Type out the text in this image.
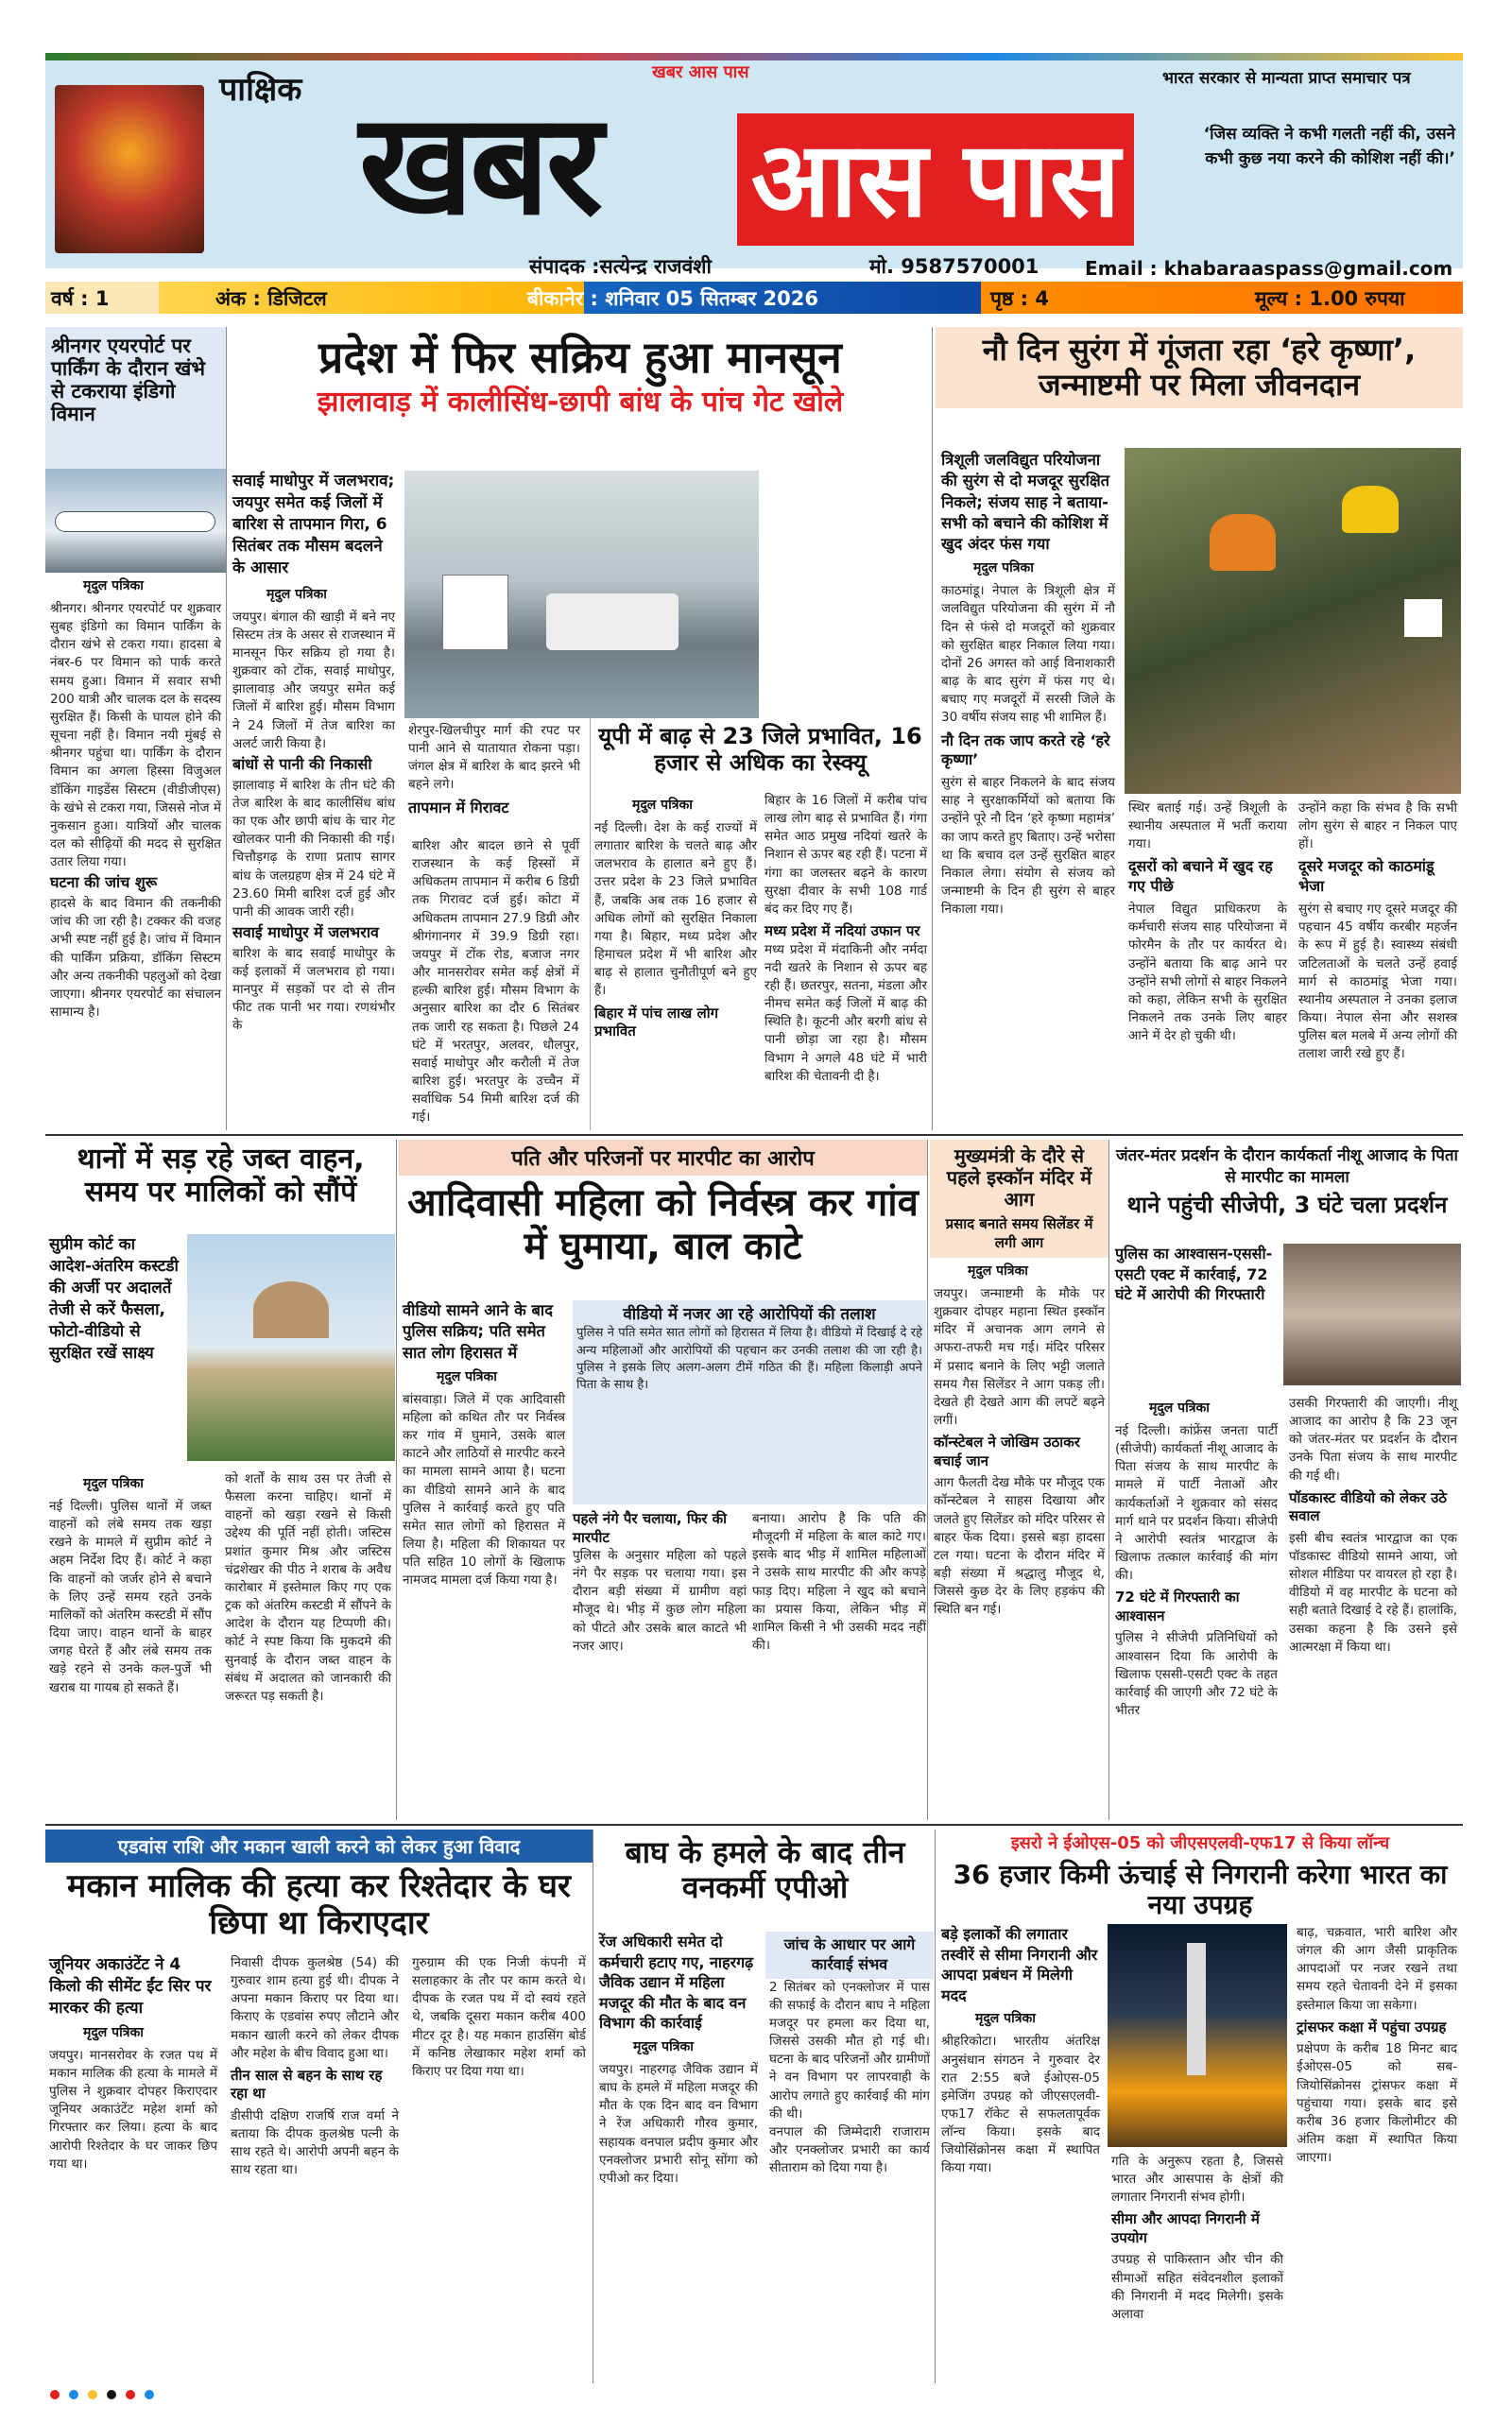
पाक्षिक	खबर आस पास
खबर आस पास
भारत सरकार से मान्यता प्राप्त समाचार पत्र
‘जिस व्यक्ति ने कभी गलती नहीं की, उसने कभी कुछ नया करने की कोशिश नहीं की।’
संपादक :सत्येन्द्र राजवंशी	मो. 9587570001 Email : khabaraaspass@gmail.com
वर्ष : 1	अंक : डिजिटल	बीकानेर : शनिवार 05 सितम्बर 2026	पृष्ठ : 4	मूल्य : 1.00 रुपया
श्रीनगर एयरपोर्ट पर पार्किंग के दौरान खंभे से टकराया इंडिगो विमान
मृदुल पत्रिका
श्रीनगर। श्रीनगर एयरपोर्ट पर शुक्रवार सुबह इंडिगो का विमान पार्किंग के दौरान खंभे से टकरा गया। हादसा बे नंबर-6 पर विमान को पार्क करते समय हुआ। विमान में सवार सभी 200 यात्री और चालक दल के सदस्य सुरक्षित हैं। किसी के घायल होने की सूचना नहीं है। विमान नयी मुंबई से श्रीनगर पहुंचा था। पार्किंग के दौरान विमान का अगला हिस्सा विजुअल डॉकिंग गाइडेंस सिस्टम (वीडीजीएस) के खंभे से टकरा गया, जिससे नोज में नुकसान हुआ। यात्रियों और चालक दल को सीढ़ियों की मदद से सुरक्षित उतार लिया गया।
घटना की जांच शुरू
हादसे के बाद विमान की तकनीकी जांच की जा रही है। टक्कर की वजह अभी स्पष्ट नहीं हुई है। जांच में विमान की पार्किंग प्रक्रिया, डॉकिंग सिस्टम और अन्य तकनीकी पहलुओं को देखा जाएगा। श्रीनगर एयरपोर्ट का संचालन सामान्य है।
प्रदेश में फिर सक्रिय हुआ मानसून
झालावाड़ में कालीसिंध-छापी बांध के पांच गेट खोले
सवाई माधोपुर में जलभराव; जयपुर समेत कई जिलों में बारिश से तापमान गिरा, 6 सितंबर तक मौसम बदलने के आसार
मृदुल पत्रिका
जयपुर। बंगाल की खाड़ी में बने नए सिस्टम तंत्र के असर से राजस्थान में मानसून फिर सक्रिय हो गया है। शुक्रवार को टोंक, सवाई माधोपुर, झालावाड़ और जयपुर समेत कई जिलों में बारिश हुई। मौसम विभाग ने 24 जिलों में तेज बारिश का अलर्ट जारी किया है।
बांधों से पानी की निकासी
झालावाड़ में बारिश के तीन घंटे की तेज बारिश के बाद कालीसिंध बांध का एक और छापी बांध के चार गेट खोलकर पानी की निकासी की गई। चित्तौड़गढ़ के राणा प्रताप सागर बांध के जलग्रहण क्षेत्र में 24 घंटे में 23.60 मिमी बारिश दर्ज हुई और पानी की आवक जारी रही।
सवाई माधोपुर में जलभराव
बारिश के बाद सवाई माधोपुर के कई इलाकों में जलभराव हो गया। मानपुर में सड़कों पर दो से तीन फीट तक पानी भर गया। रणथंभौर के
शेरपुर-खिलचीपुर मार्ग की रपट पर पानी आने से यातायात रोकना पड़ा। जंगल क्षेत्र में बारिश के बाद झरने भी बहने लगे।
तापमान में गिरावट
बारिश और बादल छाने से पूर्वी राजस्थान के कई हिस्सों में अधिकतम तापमान में करीब 6 डिग्री तक गिरावट दर्ज हुई। कोटा में अधिकतम तापमान 27.9 डिग्री और श्रीगंगानगर में 39.9 डिग्री रहा। जयपुर में टोंक रोड, बजाज नगर और मानसरोवर समेत कई क्षेत्रों में हल्की बारिश हुई। मौसम विभाग के अनुसार बारिश का दौर 6 सितंबर तक जारी रह सकता है। पिछले 24 घंटे में भरतपुर, अलवर, धौलपुर, सवाई माधोपुर और करौली में तेज बारिश हुई। भरतपुर के उच्चैन में सर्वाधिक 54 मिमी बारिश दर्ज की गई।
यूपी में बाढ़ से 23 जिले प्रभावित, 16 हजार से अधिक का रेस्क्यू
मृदुल पत्रिका
नई दिल्ली। देश के कई राज्यों में लगातार बारिश के चलते बाढ़ और जलभराव के हालात बने हुए हैं। उत्तर प्रदेश के 23 जिले प्रभावित हैं, जबकि अब तक 16 हजार से अधिक लोगों को सुरक्षित निकाला गया है। बिहार, मध्य प्रदेश और हिमाचल प्रदेश में भी बारिश और बाढ़ से हालात चुनौतीपूर्ण बने हुए हैं।
बिहार में पांच लाख लोग प्रभावित
बिहार के 16 जिलों में करीब पांच लाख लोग बाढ़ से प्रभावित हैं। गंगा समेत आठ प्रमुख नदियां खतरे के निशान से ऊपर बह रही हैं। पटना में गंगा का जलस्तर बढ़ने के कारण सुरक्षा दीवार के सभी 108 गार्ड बंद कर दिए गए हैं।
मध्य प्रदेश में नदियां उफान पर
मध्य प्रदेश में मंदाकिनी और नर्मदा नदी खतरे के निशान से ऊपर बह रही हैं। छतरपुर, सतना, मंडला और नीमच समेत कई जिलों में बाढ़ की स्थिति है। कूटनी और बरगी बांध से पानी छोड़ा जा रहा है। मौसम विभाग ने अगले 48 घंटे में भारी बारिश की चेतावनी दी है।
नौ दिन सुरंग में गूंजता रहा ‘हरे कृष्णा’, जन्माष्टमी पर मिला जीवनदान
त्रिशूली जलविद्युत परियोजना की सुरंग से दो मजदूर सुरक्षित निकले; संजय साह ने बताया- सभी को बचाने की कोशिश में खुद अंदर फंस गया
मृदुल पत्रिका
काठमांडू। नेपाल के त्रिशूली क्षेत्र में जलविद्युत परियोजना की सुरंग में नौ दिन से फंसे दो मजदूरों को शुक्रवार को सुरक्षित बाहर निकाल लिया गया। दोनों 26 अगस्त को आई विनाशकारी बाढ़ के बाद सुरंग में फंस गए थे। बचाए गए मजदूरों में सरसी जिले के 30 वर्षीय संजय साह भी शामिल हैं।
नौ दिन तक जाप करते रहे ‘हरे कृष्णा’
सुरंग से बाहर निकलने के बाद संजय साह ने सुरक्षाकर्मियों को बताया कि उन्होंने पूरे नौ दिन ‘हरे कृष्णा महामंत्र’ का जाप करते हुए बिताए। उन्हें भरोसा था कि बचाव दल उन्हें सुरक्षित बाहर निकाल लेगा। संयोग से संजय को जन्माष्टमी के दिन ही सुरंग से बाहर निकाला गया।
स्थिर बताई गई। उन्हें त्रिशूली के स्थानीय अस्पताल में भर्ती कराया गया।
दूसरों को बचाने में खुद रह गए पीछे
नेपाल विद्युत प्राधिकरण के कर्मचारी संजय साह परियोजना में फोरमैन के तौर पर कार्यरत थे। उन्होंने बताया कि बाढ़ आने पर उन्होंने सभी लोगों से बाहर निकलने को कहा, लेकिन सभी के सुरक्षित निकलने तक उनके लिए बाहर आने में देर हो चुकी थी।
उन्होंने कहा कि संभव है कि सभी लोग सुरंग से बाहर न निकल पाए हों।
दूसरे मजदूर को काठमांडू भेजा
सुरंग से बचाए गए दूसरे मजदूर की पहचान 45 वर्षीय करबीर महर्जन के रूप में हुई है। स्वास्थ्य संबंधी जटिलताओं के चलते उन्हें हवाई मार्ग से काठमांडू भेजा गया। स्थानीय अस्पताल ने उनका इलाज किया। नेपाल सेना और सशस्त्र पुलिस बल मलबे में अन्य लोगों की तलाश जारी रखे हुए हैं।
थानों में सड़ रहे जब्त वाहन, समय पर मालिकों को सौंपें
सुप्रीम कोर्ट का आदेश-अंतरिम कस्टडी की अर्जी पर अदालतें तेजी से करें फैसला, फोटो-वीडियो से सुरक्षित रखें साक्ष्य
मृदुल पत्रिका
नई दिल्ली। पुलिस थानों में जब्त वाहनों को लंबे समय तक खड़ा रखने के मामले में सुप्रीम कोर्ट ने अहम निर्देश दिए हैं। कोर्ट ने कहा कि वाहनों को जर्जर होने से बचाने के लिए उन्हें समय रहते उनके मालिकों को अंतरिम कस्टडी में सौंप दिया जाए। वाहन थानों के बाहर जगह घेरते हैं और लंबे समय तक खड़े रहने से उनके कल-पुर्जे भी खराब या गायब हो सकते हैं।
को शर्तों के साथ उस पर तेजी से फैसला करना चाहिए। थानों में वाहनों को खड़ा रखने से किसी उद्देश्य की पूर्ति नहीं होती। जस्टिस प्रशांत कुमार मिश्र और जस्टिस चंद्रशेखर की पीठ ने शराब के अवैध कारोबार में इस्तेमाल किए गए एक ट्रक को अंतरिम कस्टडी में सौंपने के आदेश के दौरान यह टिप्पणी की। कोर्ट ने स्पष्ट किया कि मुकदमे की सुनवाई के दौरान जब्त वाहन के संबंध में अदालत को जानकारी की जरूरत पड़ सकती है।
पति और परिजनों पर मारपीट का आरोप
आदिवासी महिला को निर्वस्त्र कर गांव में घुमाया, बाल काटे
वीडियो सामने आने के बाद पुलिस सक्रिय; पति समेत सात लोग हिरासत में
मृदुल पत्रिका
बांसवाड़ा। जिले में एक आदिवासी महिला को कथित तौर पर निर्वस्त्र कर गांव में घुमाने, उसके बाल काटने और लाठियों से मारपीट करने का मामला सामने आया है। घटना का वीडियो सामने आने के बाद पुलिस ने कार्रवाई करते हुए पति समेत सात लोगों को हिरासत में लिया है। महिला की शिकायत पर पति सहित 10 लोगों के खिलाफ नामजद मामला दर्ज किया गया है।
वीडियो में नजर आ रहे आरोपियों की तलाश
पुलिस ने पति समेत सात लोगों को हिरासत में लिया है। वीडियो में दिखाई दे रहे अन्य महिलाओं और आरोपियों की पहचान कर उनकी तलाश की जा रही है। पुलिस ने इसके लिए अलग-अलग टीमें गठित की हैं। महिला किलाड़ी अपने पिता के साथ है।
पहले नंगे पैर चलाया, फिर की मारपीट
पुलिस के अनुसार महिला को पहले नंगे पैर सड़क पर चलाया गया। इस दौरान बड़ी संख्या में ग्रामीण वहां मौजूद थे। भीड़ में कुछ लोग महिला को पीटते और उसके बाल काटते भी नजर आए।
बनाया। आरोप है कि पति की मौजूदगी में महिला के बाल काटे गए। इसके बाद भीड़ में शामिल महिलाओं ने उसके साथ मारपीट की और कपड़े फाड़ दिए। महिला ने खुद को बचाने का प्रयास किया, लेकिन भीड़ में शामिल किसी ने भी उसकी मदद नहीं की।
मुख्यमंत्री के दौरे से पहले इस्कॉन मंदिर में आग
प्रसाद बनाते समय सिलेंडर में लगी आग
मृदुल पत्रिका
जयपुर। जन्माष्टमी के मौके पर शुक्रवार दोपहर महाना स्थित इस्कॉन मंदिर में अचानक आग लगने से अफरा-तफरी मच गई। मंदिर परिसर में प्रसाद बनाने के लिए भट्टी जलाते समय गैस सिलेंडर ने आग पकड़ ली। देखते ही देखते आग की लपटें बढ़ने लगीं।
कॉन्स्टेबल ने जोखिम उठाकर बचाई जान
आग फैलती देख मौके पर मौजूद एक कॉन्स्टेबल ने साहस दिखाया और जलते हुए सिलेंडर को मंदिर परिसर से बाहर फेंक दिया। इससे बड़ा हादसा टल गया। घटना के दौरान मंदिर में बड़ी संख्या में श्रद्धालु मौजूद थे, जिससे कुछ देर के लिए हड़कंप की स्थिति बन गई।
जंतर-मंतर प्रदर्शन के दौरान कार्यकर्ता नीशू आजाद के पिता से मारपीट का मामला
थाने पहुंची सीजेपी, 3 घंटे चला प्रदर्शन
पुलिस का आश्वासन-एससी-एसटी एक्ट में कार्रवाई, 72 घंटे में आरोपी की गिरफ्तारी
मृदुल पत्रिका
नई दिल्ली। कांफ्रेंस जनता पार्टी (सीजेपी) कार्यकर्ता नीशू आजाद के पिता संजय के साथ मारपीट के मामले में पार्टी नेताओं और कार्यकर्ताओं ने शुक्रवार को संसद मार्ग थाने पर प्रदर्शन किया। सीजेपी ने आरोपी स्वतंत्र भारद्वाज के खिलाफ तत्काल कार्रवाई की मांग की।
72 घंटे में गिरफ्तारी का आश्वासन
पुलिस ने सीजेपी प्रतिनिधियों को आश्वासन दिया कि आरोपी के खिलाफ एससी-एसटी एक्ट के तहत कार्रवाई की जाएगी और 72 घंटे के भीतर
उसकी गिरफ्तारी की जाएगी। नीशू आजाद का आरोप है कि 23 जून को जंतर-मंतर पर प्रदर्शन के दौरान उनके पिता संजय के साथ मारपीट की गई थी।
पॉडकास्ट वीडियो को लेकर उठे सवाल
इसी बीच स्वतंत्र भारद्वाज का एक पॉडकास्ट वीडियो सामने आया, जो सोशल मीडिया पर वायरल हो रहा है। वीडियो में वह मारपीट के घटना को सही बताते दिखाई दे रहे हैं। हालांकि, उसका कहना है कि उसने इसे आत्मरक्षा में किया था।
एडवांस राशि और मकान खाली करने को लेकर हुआ विवाद
मकान मालिक की हत्या कर रिश्तेदार के घर छिपा था किराएदार
जूनियर अकाउंटेंट ने 4 किलो की सीमेंट ईंट सिर पर मारकर की हत्या
मृदुल पत्रिका
जयपुर। मानसरोवर के रजत पथ में मकान मालिक की हत्या के मामले में पुलिस ने शुक्रवार दोपहर किराएदार जूनियर अकाउंटेंट महेश शर्मा को गिरफ्तार कर लिया। हत्या के बाद आरोपी रिश्तेदार के घर जाकर छिप गया था।
निवासी दीपक कुलश्रेष्ठ (54) की गुरुवार शाम हत्या हुई थी। दीपक ने अपना मकान किराए पर दिया था। किराए के एडवांस रुपए लौटाने और मकान खाली करने को लेकर दीपक और महेश के बीच विवाद हुआ था।
तीन साल से बहन के साथ रह रहा था
डीसीपी दक्षिण राजर्षि राज वर्मा ने बताया कि दीपक कुलश्रेष्ठ पत्नी के साथ रहते थे। आरोपी अपनी बहन के साथ रहता था।
गुरुग्राम की एक निजी कंपनी में सलाहकार के तौर पर काम करते थे। दीपक के रजत पथ में दो स्वयं रहते थे, जबकि दूसरा मकान करीब 400 मीटर दूर है। यह मकान हाउसिंग बोर्ड में कनिष्ठ लेखाकार महेश शर्मा को किराए पर दिया गया था।
बाघ के हमले के बाद तीन वनकर्मी एपीओ
रेंज अधिकारी समेत दो कर्मचारी हटाए गए, नाहरगढ़ जैविक उद्यान में महिला मजदूर की मौत के बाद वन विभाग की कार्रवाई
मृदुल पत्रिका
जयपुर। नाहरगढ़ जैविक उद्यान में बाघ के हमले में महिला मजदूर की मौत के एक दिन बाद वन विभाग ने रेंज अधिकारी गौरव कुमार, सहायक वनपाल प्रदीप कुमार और एनक्लोजर प्रभारी सोनू सोंगा को एपीओ कर दिया।
जांच के आधार पर आगे कार्रवाई संभव
2 सितंबर को एनक्लोजर में पास की सफाई के दौरान बाघ ने महिला मजदूर पर हमला कर दिया था, जिससे उसकी मौत हो गई थी। घटना के बाद परिजनों और ग्रामीणों ने वन विभाग पर लापरवाही के आरोप लगाते हुए कार्रवाई की मांग की थी।
वनपाल की जिम्मेदारी राजाराम और एनक्लोजर प्रभारी का कार्य सीताराम को दिया गया है।
इसरो ने ईओएस-05 को जीएसएलवी-एफ17 से किया लॉन्च
36 हजार किमी ऊंचाई से निगरानी करेगा भारत का नया उपग्रह
बड़े इलाकों की लगातार तस्वीरें से सीमा निगरानी और आपदा प्रबंधन में मिलेगी मदद
मृदुल पत्रिका
श्रीहरिकोटा। भारतीय अंतरिक्ष अनुसंधान संगठन ने गुरुवार देर रात 2:55 बजे ईओएस-05 इमेजिंग उपग्रह को जीएसएलवी-एफ17 रॉकेट से सफलतापूर्वक लॉन्च किया। इसके बाद जियोसिंक्रोनस कक्षा में स्थापित किया गया।	गति के अनुरूप रहता है, जिससे भारत और आसपास के क्षेत्रों की लगातार निगरानी संभव होगी।
सीमा और आपदा निगरानी में उपयोग
उपग्रह से पाकिस्तान और चीन की सीमाओं सहित संवेदनशील इलाकों की निगरानी में मदद मिलेगी। इसके अलावा
बाढ़, चक्रवात, भारी बारिश और जंगल की आग जैसी प्राकृतिक आपदाओं पर नजर रखने तथा समय रहते चेतावनी देने में इसका इस्तेमाल किया जा सकेगा।
ट्रांसफर कक्षा में पहुंचा उपग्रह
प्रक्षेपण के करीब 18 मिनट बाद ईओएस-05 को सब-जियोसिंक्रोनस ट्रांसफर कक्षा में पहुंचाया गया। इसके बाद इसे करीब 36 हजार किलोमीटर की अंतिम कक्षा में स्थापित किया जाएगा।
